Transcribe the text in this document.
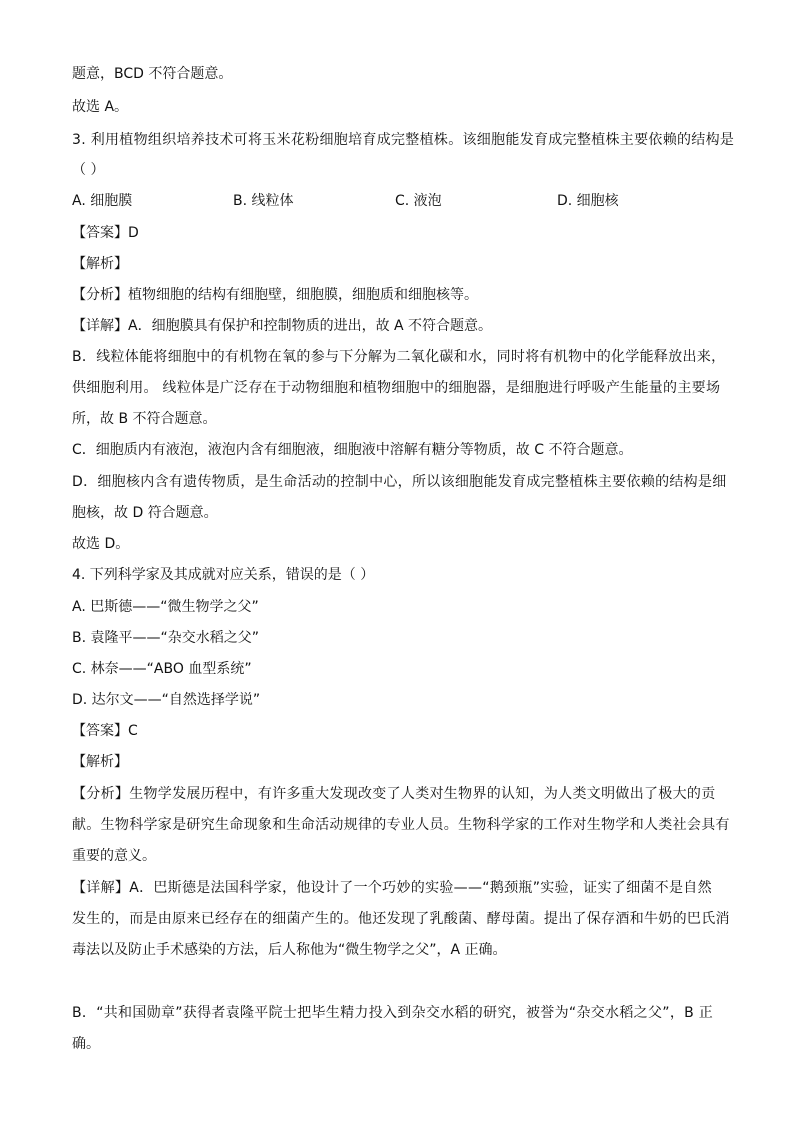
题意，BCD 不符合题意。
故选 A。
3. 利用植物组织培养技术可将玉米花粉细胞培育成完整植株。该细胞能发育成完整植株主要依赖的结构是
（ ）
A. 细胞膜	B. 线粒体	C. 液泡	D. 细胞核
【答案】D
【解析】
【分析】植物细胞的结构有细胞壁，细胞膜，细胞质和细胞核等。
【详解】A．细胞膜具有保护和控制物质的进出，故 A 不符合题意。
B．线粒体能将细胞中的有机物在氧的参与下分解为二氧化碳和水，同时将有机物中的化学能释放出来，
供细胞利用。 线粒体是广泛存在于动物细胞和植物细胞中的细胞器，是细胞进行呼吸产生能量的主要场
所，故 B 不符合题意。
C．细胞质内有液泡，液泡内含有细胞液，细胞液中溶解有糖分等物质，故 C 不符合题意。
D．细胞核内含有遗传物质，是生命活动的控制中心，所以该细胞能发育成完整植株主要依赖的结构是细
胞核，故 D 符合题意。
故选 D。
4. 下列科学家及其成就对应关系，错误的是（ ）
A. 巴斯德——“微生物学之父”
B. 袁隆平——“杂交水稻之父”
C. 林奈——“ABO 血型系统”
D. 达尔文——“自然选择学说”
【答案】C
【解析】
【分析】生物学发展历程中，有许多重大发现改变了人类对生物界的认知，为人类文明做出了极大的贡
献。生物科学家是研究生命现象和生命活动规律的专业人员。生物科学家的工作对生物学和人类社会具有
重要的意义。
【详解】A．巴斯德是法国科学家，他设计了一个巧妙的实验——“鹅颈瓶”实验，证实了细菌不是自然
发生的，而是由原来已经存在的细菌产生的。他还发现了乳酸菌、酵母菌。提出了保存酒和牛奶的巴氏消
毒法以及防止手术感染的方法，后人称他为“微生物学之父”，A 正确。
B．“共和国勋章”获得者袁隆平院士把毕生精力投入到杂交水稻的研究，被誉为“杂交水稻之父”，B 正
确。
